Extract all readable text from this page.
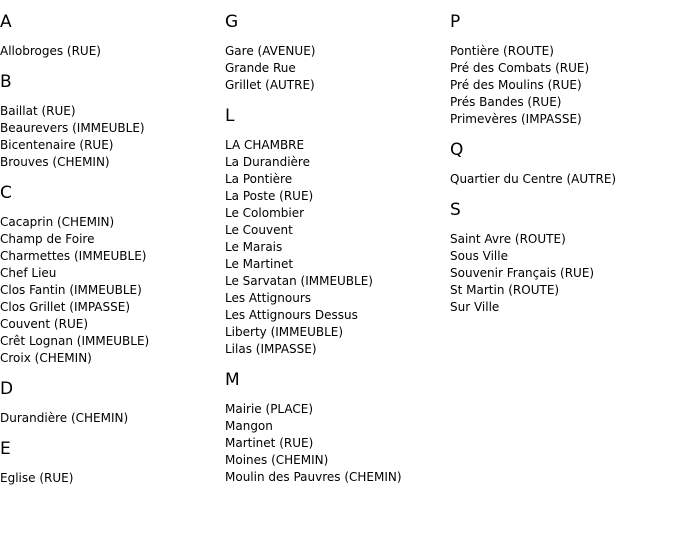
A
Allobroges (RUE)
B
Baillat (RUE)
Beaurevers (IMMEUBLE)
Bicentenaire (RUE)
Brouves (CHEMIN)
C
Cacaprin (CHEMIN)
Champ de Foire
Charmettes (IMMEUBLE)
Chef Lieu
Clos Fantin (IMMEUBLE)
Clos Grillet (IMPASSE)
Couvent (RUE)
Crêt Lognan (IMMEUBLE)
Croix (CHEMIN)
D
Durandière (CHEMIN)
E
Eglise (RUE)
G
Gare (AVENUE)
Grande Rue
Grillet (AUTRE)
L
LA CHAMBRE
La Durandière
La Pontière
La Poste (RUE)
Le Colombier
Le Couvent
Le Marais
Le Martinet
Le Sarvatan (IMMEUBLE)
Les Attignours
Les Attignours Dessus
Liberty (IMMEUBLE)
Lilas (IMPASSE)
M
Mairie (PLACE)
Mangon
Martinet (RUE)
Moines (CHEMIN)
Moulin des Pauvres (CHEMIN)
P
Pontière (ROUTE)
Pré des Combats (RUE)
Pré des Moulins (RUE)
Prés Bandes (RUE)
Primevères (IMPASSE)
Q
Quartier du Centre (AUTRE)
S
Saint Avre (ROUTE)
Sous Ville
Souvenir Français (RUE)
St Martin (ROUTE)
Sur Ville
